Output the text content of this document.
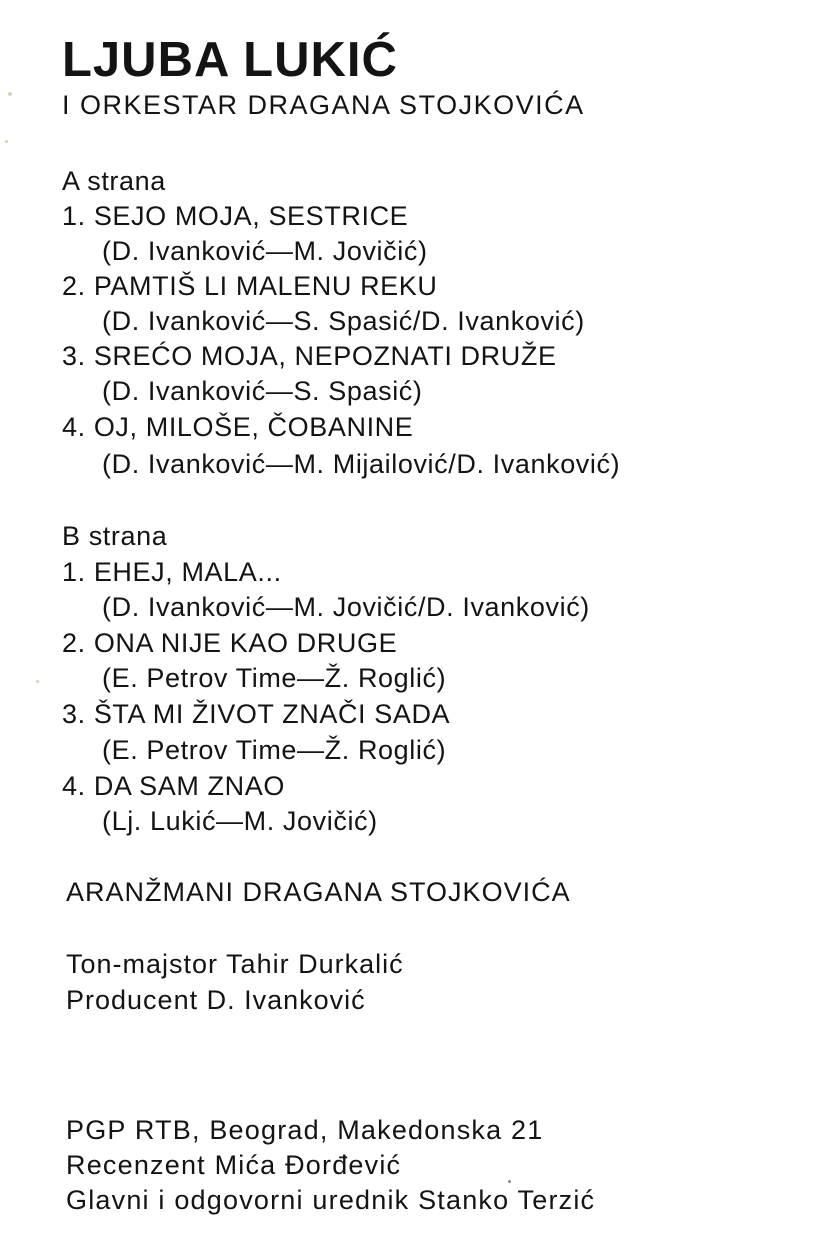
LJUBA LUKIĆ
I ORKESTAR DRAGANA STOJKOVIĆA
A strana
1. SEJO MOJA, SESTRICE
(D. Ivanković—M. Jovičić)
2. PAMTIŠ LI MALENU REKU
(D. Ivanković—S. Spasić/D. Ivanković)
3. SREĆO MOJA, NEPOZNATI DRUŽE
(D. Ivanković—S. Spasić)
4. OJ, MILOŠE, ČOBANINE
(D. Ivanković—M. Mijailović/D. Ivanković)
B strana
1. EHEJ, MALA...
(D. Ivanković—M. Jovičić/D. Ivanković)
2. ONA NIJE KAO DRUGE
(E. Petrov Time—Ž. Roglić)
3. ŠTA MI ŽIVOT ZNAČI SADA
(E. Petrov Time—Ž. Roglić)
4. DA SAM ZNAO
(Lj. Lukić—M. Jovičić)
ARANŽMANI DRAGANA STOJKOVIĆA
Ton-majstor Tahir Durkalić
Producent D. Ivanković
PGP RTB, Beograd, Makedonska 21
Recenzent Mića Đorđević
Glavni i odgovorni urednik Stanko Terzić
